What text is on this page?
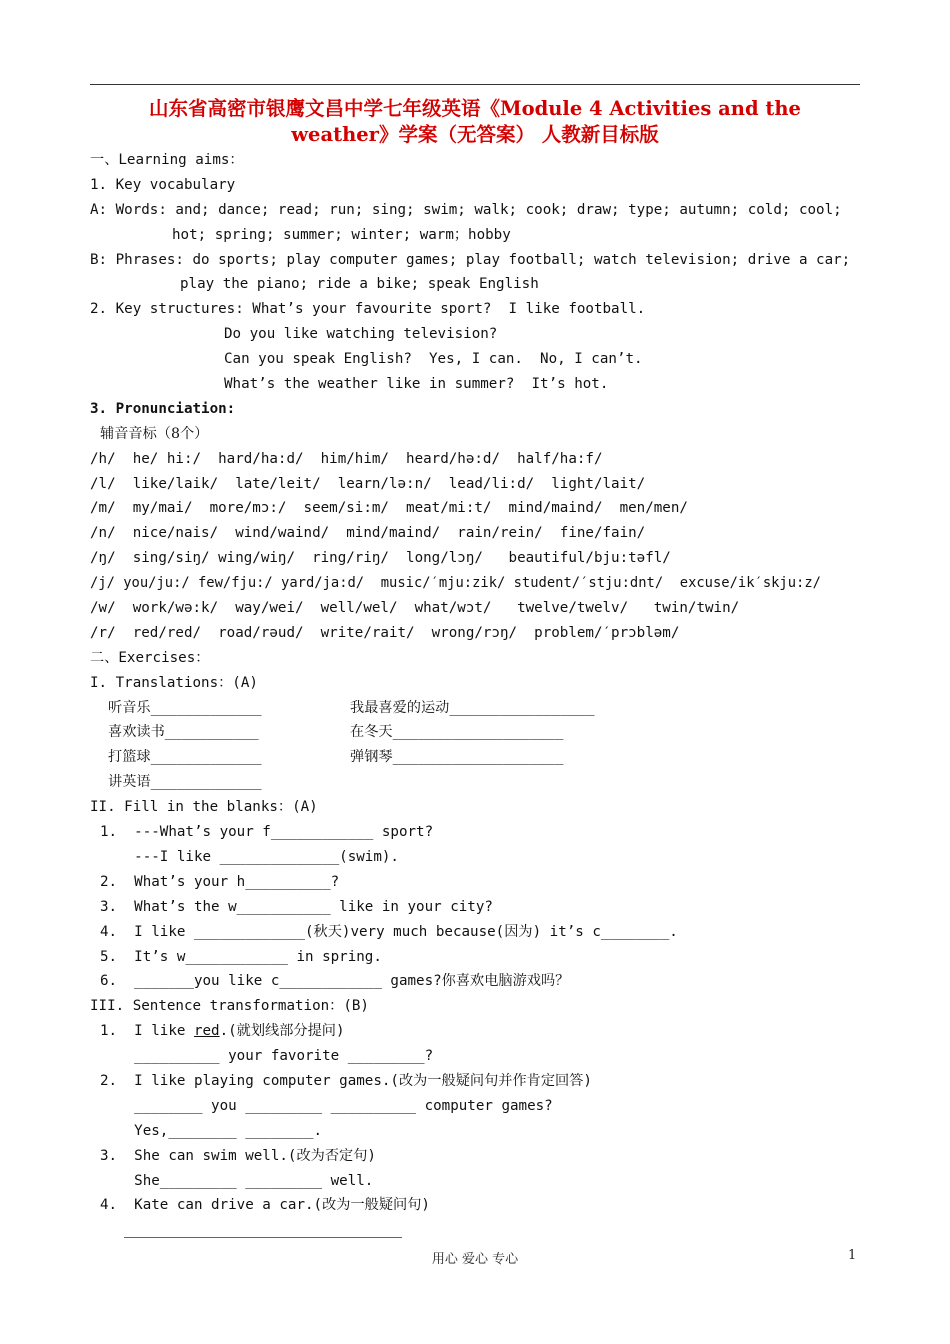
山东省高密市银鹰文昌中学七年级英语《Module 4 Activities and the
weather》学案（无答案） 人教新目标版
一、Learning aims：
1. Key vocabulary
A: Words: and; dance; read; run; sing; swim; walk; cook; draw; type; autumn; cold; cool;
hot; spring; summer; winter; warm；hobby
B: Phrases: do sports; play computer games; play football; watch television; drive a car;
play the piano; ride a bike; speak English
2. Key structures: What’s your favourite sport?  I like football.
Do you like watching television?
Can you speak English?  Yes, I can.  No, I can’t.
What’s the weather like in summer?  It’s hot.
3. Pronunciation:
辅音音标（8个）
/h/  he/ hi:/  hard/ha:d/  him/him/  heard/hə:d/  half/ha:f/
/l/  like/laik/  late/leit/  learn/lə:n/  lead/li:d/  light/lait/
/m/  my/mai/  more/mɔ:/  seem/si:m/  meat/mi:t/  mind/maind/  men/men/
/n/  nice/nais/  wind/waind/  mind/maind/  rain/rein/  fine/fain/
/ŋ/  sing/siŋ/ wing/wiŋ/  ring/riŋ/  long/lɔŋ/   beautiful/bju:təfl/
/j/ you/ju:/ few/fju:/ yard/ja:d/  music/′mju:zik/ student/′stju:dnt/  excuse/ik′skju:z/
/w/  work/wə:k/  way/wei/  well/wel/  what/wɔt/   twelve/twelv/   twin/twin/
/r/  red/red/  road/rəud/  write/rait/  wrong/rɔŋ/  problem/′prɔbləm/
二、Exercises：
I. Translations：(A)
听音乐_____________	我最喜爱的运动_________________
喜欢读书___________	在冬天____________________
打篮球_____________	弹钢琴____________________
讲英语_____________
II. Fill in the blanks：(A)
1.  ---What’s your f____________ sport?
---I like ______________(swim).
2.  What’s your h__________?
3.  What’s the w___________ like in your city?
4.  I like _____________(秋天)very much because(因为) it’s c________.
5.  It’s w____________ in spring.
6.  _______you like c____________ games?你喜欢电脑游戏吗？
III. Sentence transformation：(B)
1.  I like red.(就划线部分提问)
__________ your favorite _________?
2.  I like playing computer games.(改为一般疑问句并作肯定回答)
________ you _________ __________ computer games?
Yes,________ ________.
3.  She can swim well.(改为否定句)
She_________ _________ well.
4.  Kate can drive a car.(改为一般疑问句)
用心 爱心 专心	1
